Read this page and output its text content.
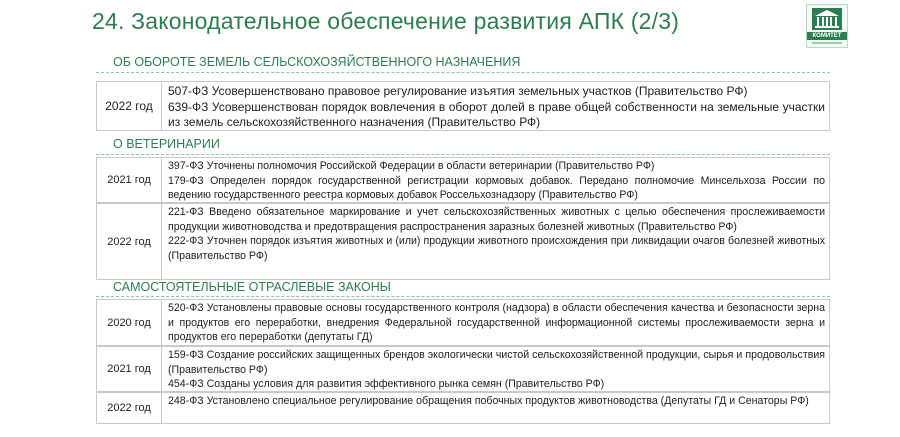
24. Законодательное обеспечение развития АПК (2/3)
КОМИТЕТ
ОБ ОБОРОТЕ ЗЕМЕЛЬ СЕЛЬСКОХОЗЯЙСТВЕННОГО НАЗНАЧЕНИЯ
2022 год
507-ФЗ Усовершенствовано правовое регулирование изъятия земельных участков (Правительство РФ)
639-ФЗ Усовершенствован порядок вовлечения в оборот долей в праве общей собственности на земельные участки из земель сельскохозяйственного назначения (Правительство РФ)
О ВЕТЕРИНАРИИ
2021 год
397-ФЗ Уточнены полномочия Российской Федерации в области ветеринарии (Правительство РФ)
179-ФЗ Определен порядок государственной регистрации кормовых добавок. Передано полномочие Минсельхоза России по ведению государственного реестра кормовых добавок Россельхознадзору (Правительство РФ)
2022 год
221-ФЗ Введено обязательное маркирование и учет сельскохозяйственных животных с целью обеспечения прослеживаемости продукции животноводства и предотвращения распространения заразных болезней животных (Правительство РФ)
222-ФЗ Уточнен порядок изъятия животных и (или) продукции животного происхождения при ликвидации очагов болезней животных (Правительство РФ)
САМОСТОЯТЕЛЬНЫЕ ОТРАСЛЕВЫЕ ЗАКОНЫ
2020 год
520-ФЗ Установлены правовые основы государственного контроля (надзора) в области обеспечения качества и безопасности зерна и продуктов его переработки, внедрения Федеральной государственной информационной системы прослеживаемости зерна и продуктов его переработки (депутаты ГД)
2021 год
159-ФЗ Создание российских защищенных брендов экологически чистой сельскохозяйственной продукции, сырья и продовольствия (Правительство РФ)
454-ФЗ Созданы условия для развития эффективного рынка семян (Правительство РФ)
2022 год
248-ФЗ Установлено специальное регулирование обращения побочных продуктов животноводства (Депутаты ГД и Сенаторы РФ)
